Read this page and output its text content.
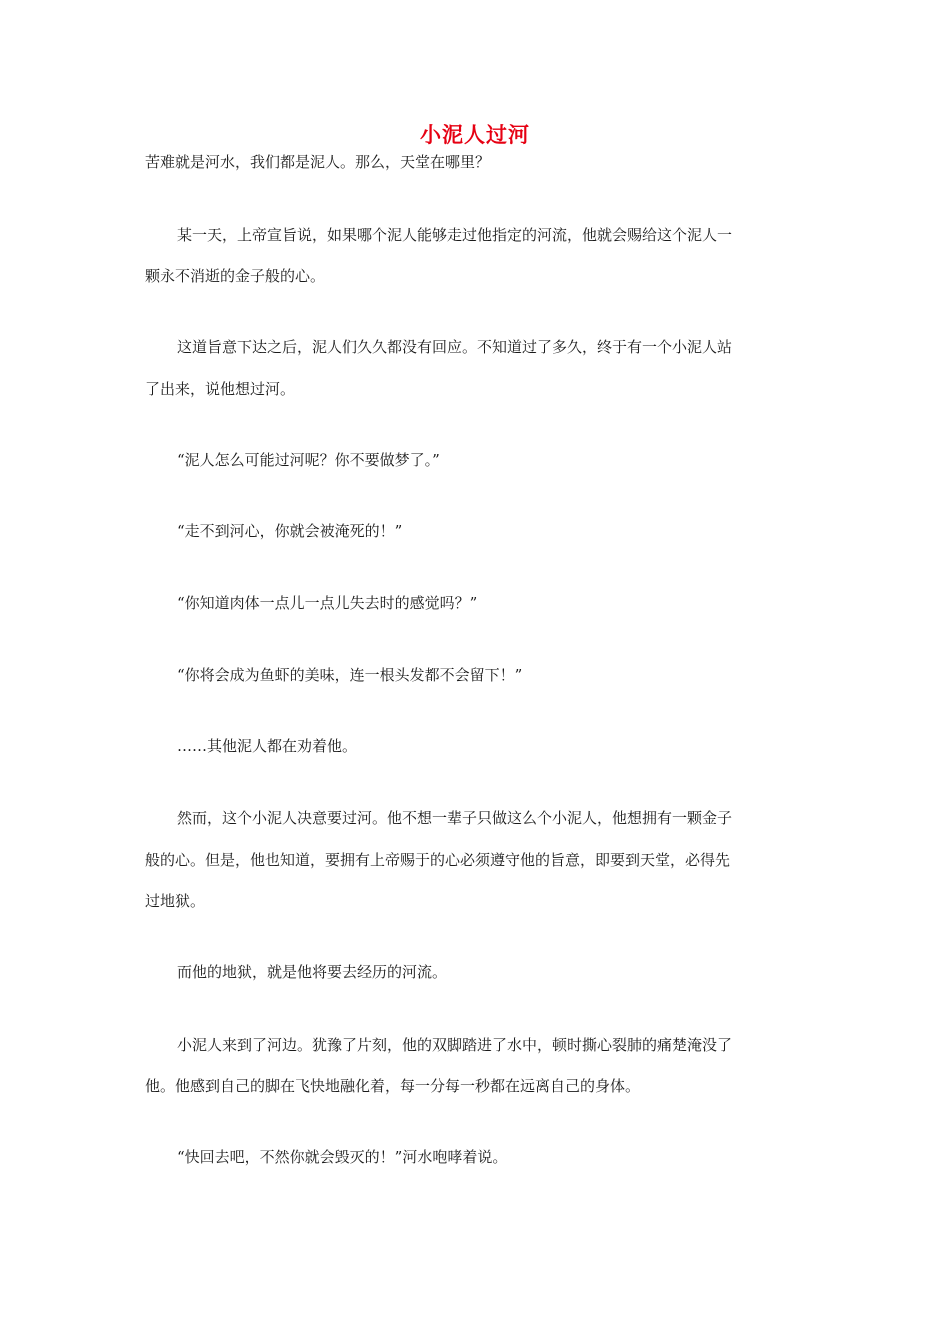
小泥人过河
苦难就是河水，我们都是泥人。那么，天堂在哪里？
某一天，上帝宣旨说，如果哪个泥人能够走过他指定的河流，他就会赐给这个泥人一
颗永不消逝的金子般的心。
这道旨意下达之后，泥人们久久都没有回应。不知道过了多久，终于有一个小泥人站
了出来，说他想过河。
“泥人怎么可能过河呢？你不要做梦了。”
“走不到河心，你就会被淹死的！”
“你知道肉体一点儿一点儿失去时的感觉吗？”
“你将会成为鱼虾的美味，连一根头发都不会留下！”
……其他泥人都在劝着他。
然而，这个小泥人决意要过河。他不想一辈子只做这么个小泥人，他想拥有一颗金子
般的心。但是，他也知道，要拥有上帝赐于的心必须遵守他的旨意，即要到天堂，必得先
过地狱。
而他的地狱，就是他将要去经历的河流。
小泥人来到了河边。犹豫了片刻，他的双脚踏进了水中，顿时撕心裂肺的痛楚淹没了
他。他感到自己的脚在飞快地融化着，每一分每一秒都在远离自己的身体。
“快回去吧，不然你就会毁灭的！”河水咆哮着说。
